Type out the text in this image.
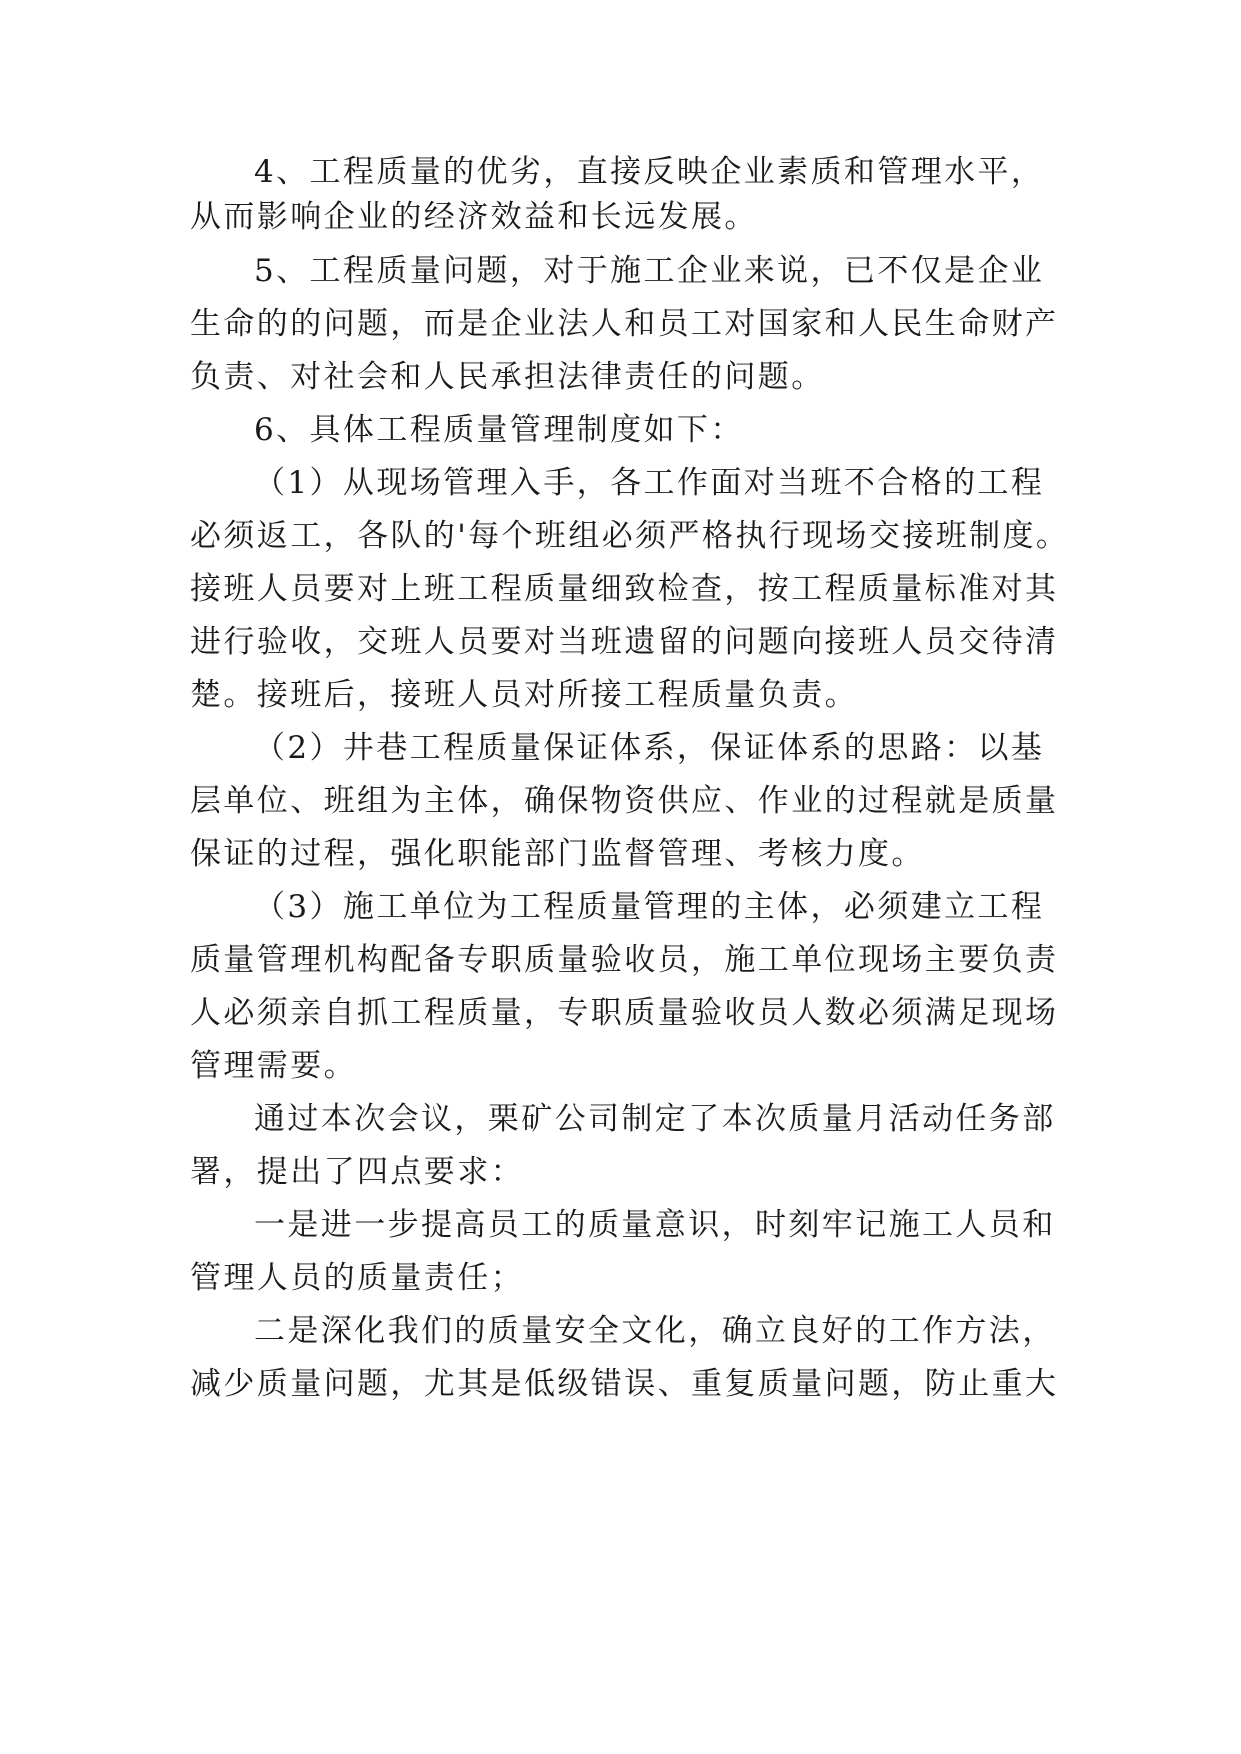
4、工程质量的优劣，直接反映企业素质和管理水平，
从而影响企业的经济效益和长远发展。
5、工程质量问题，对于施工企业来说，已不仅是企业
生命的的问题，而是企业法人和员工对国家和人民生命财产
负责、对社会和人民承担法律责任的问题。
6、具体工程质量管理制度如下：
（1）从现场管理入手，各工作面对当班不合格的工程
必须返工，各队的'每个班组必须严格执行现场交接班制度。
接班人员要对上班工程质量细致检查，按工程质量标准对其
进行验收，交班人员要对当班遗留的问题向接班人员交待清
楚。接班后，接班人员对所接工程质量负责。
（2）井巷工程质量保证体系，保证体系的思路：以基
层单位、班组为主体，确保物资供应、作业的过程就是质量
保证的过程，强化职能部门监督管理、考核力度。
（3）施工单位为工程质量管理的主体，必须建立工程
质量管理机构配备专职质量验收员，施工单位现场主要负责
人必须亲自抓工程质量，专职质量验收员人数必须满足现场
管理需要。
通过本次会议，栗矿公司制定了本次质量月活动任务部
署，提出了四点要求：
一是进一步提高员工的质量意识，时刻牢记施工人员和
管理人员的质量责任；
二是深化我们的质量安全文化，确立良好的工作方法，
减少质量问题，尤其是低级错误、重复质量问题，防止重大
